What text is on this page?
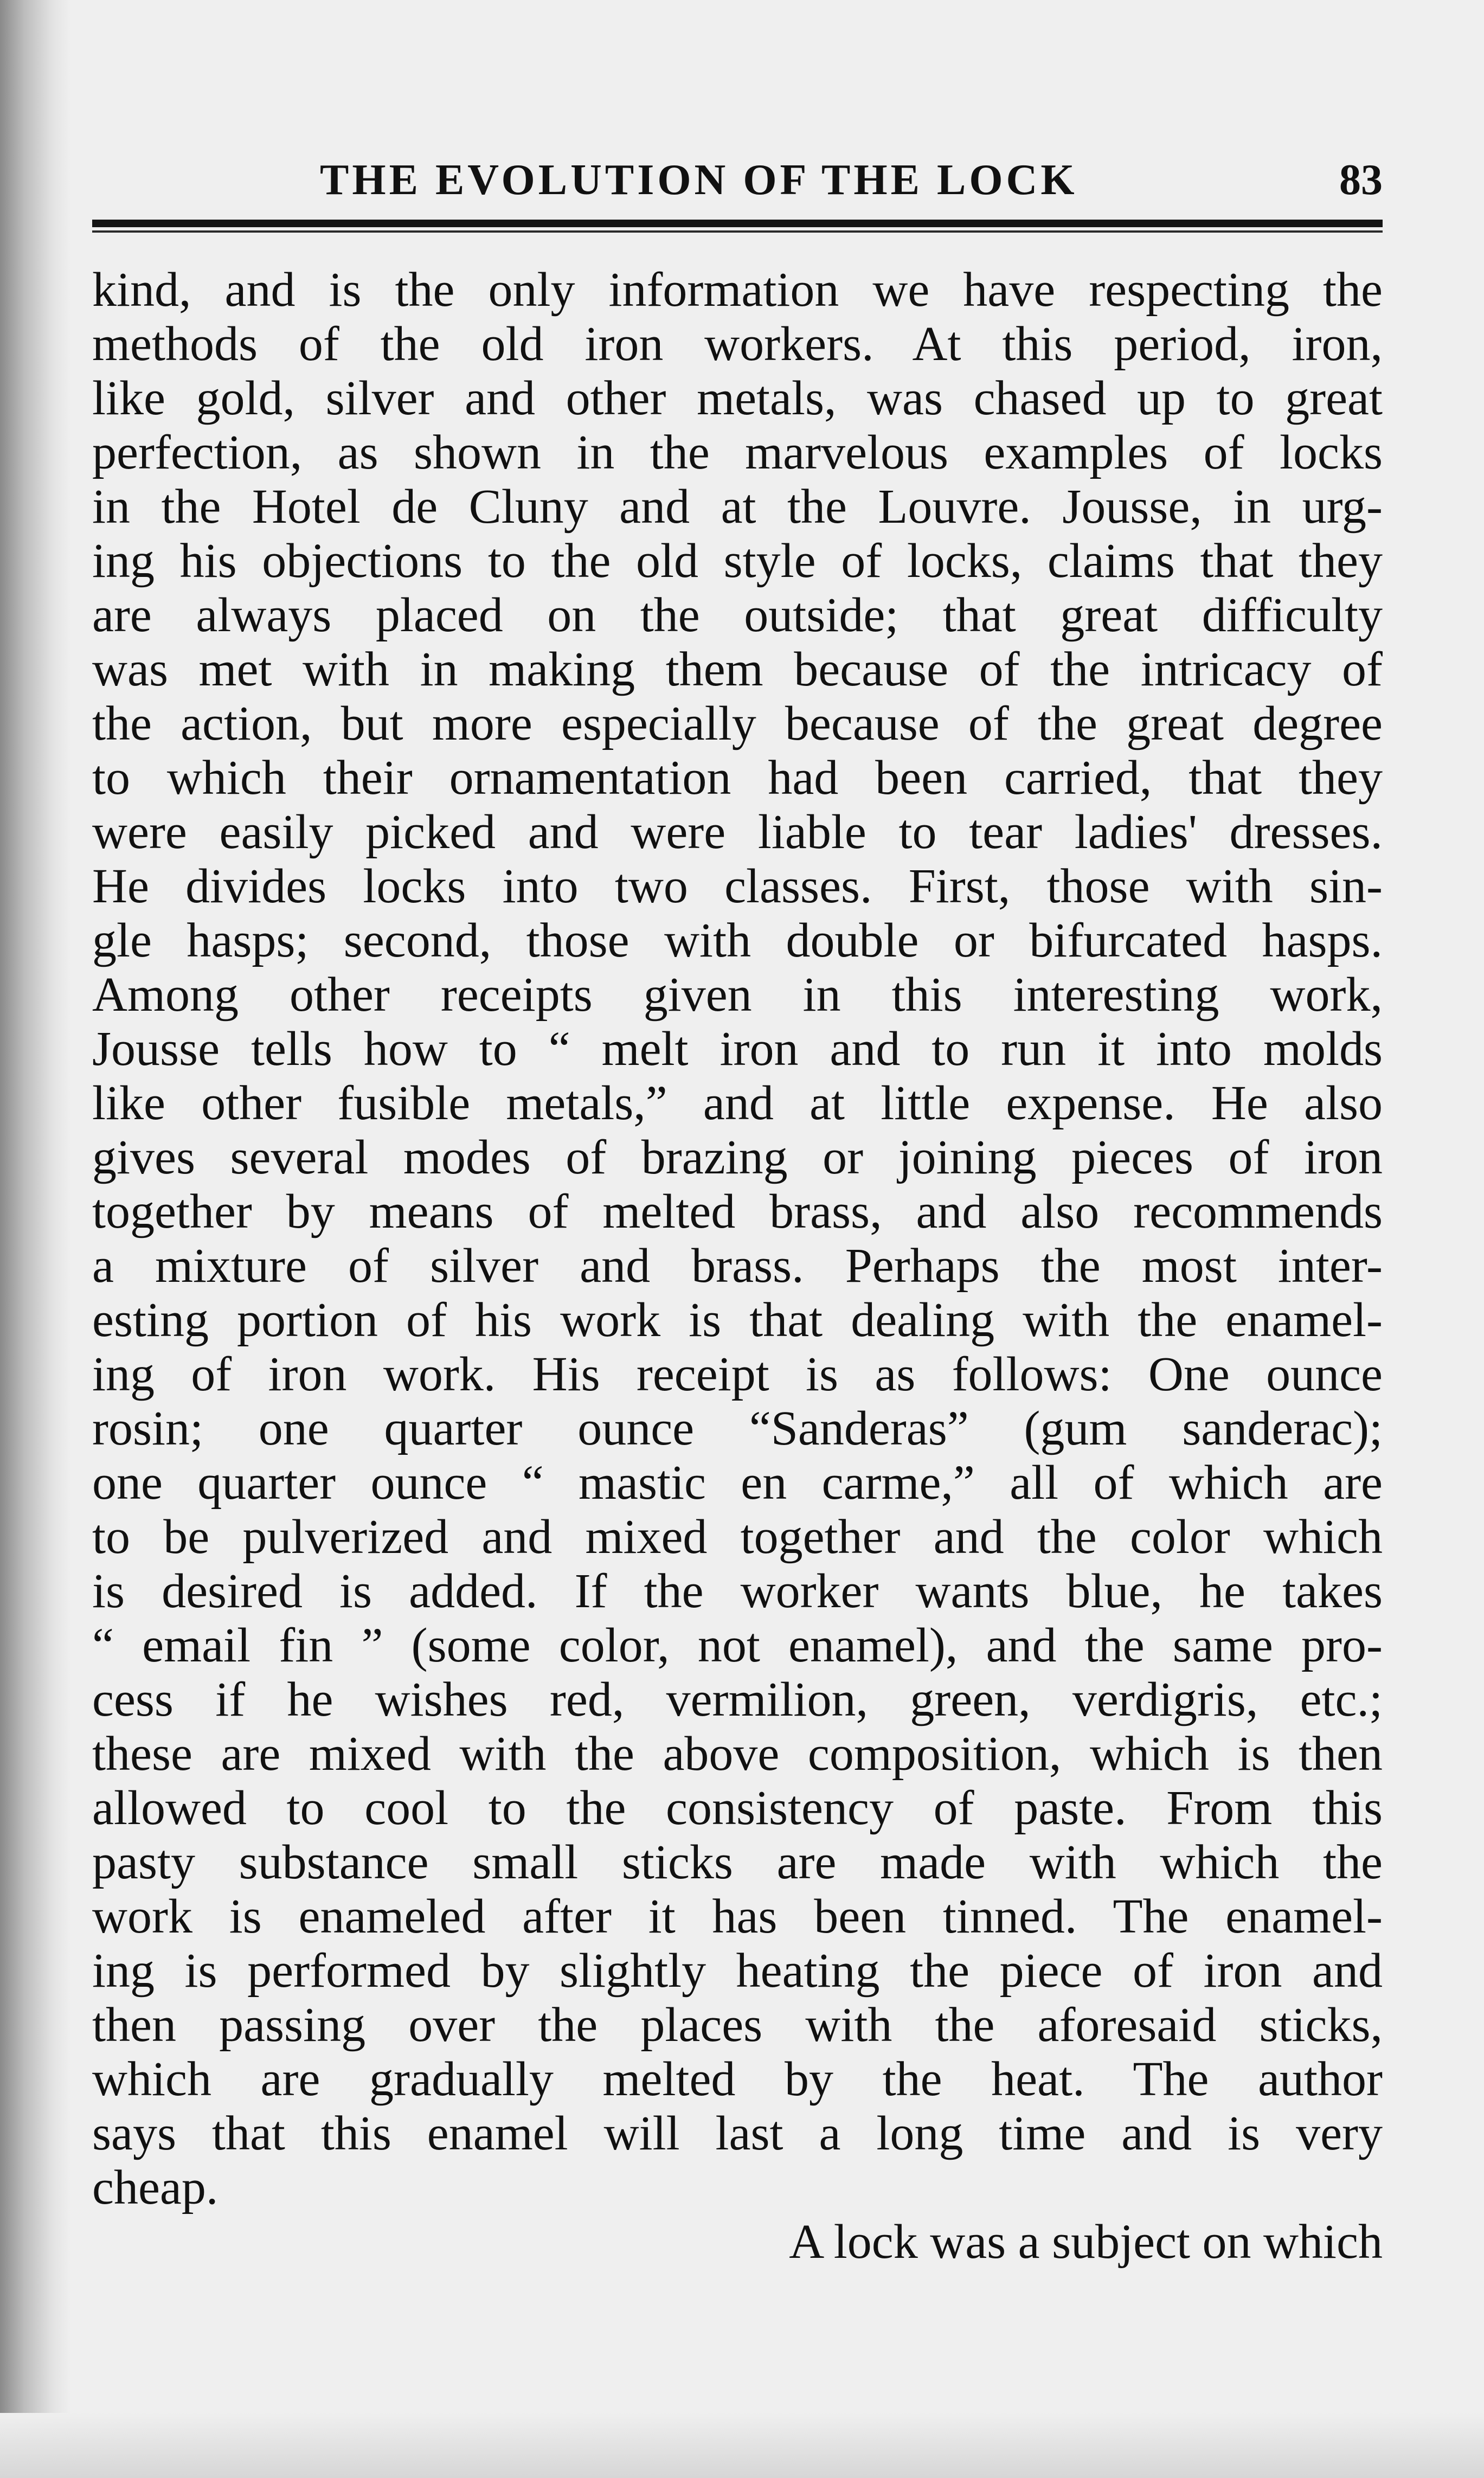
THE EVOLUTION OF THE LOCK	83
kind, and is the only information we have respecting the
methods of the old iron workers. At this period, iron,
like gold, silver and other metals, was chased up to great
perfection, as shown in the marvelous examples of locks
in the Hotel de Cluny and at the Louvre. Jousse, in urg-
ing his objections to the old style of locks, claims that they
are always placed on the outside; that great difficulty
was met with in making them because of the intricacy of
the action, but more especially because of the great degree
to which their ornamentation had been carried, that they
were easily picked and were liable to tear ladies' dresses.
He divides locks into two classes. First, those with sin-
gle hasps; second, those with double or bifurcated hasps.
Among other receipts given in this interesting work,
Jousse tells how to “ melt iron and to run it into molds
like other fusible metals,” and at little expense. He also
gives several modes of brazing or joining pieces of iron
together by means of melted brass, and also recommends
a mixture of silver and brass. Perhaps the most inter-
esting portion of his work is that dealing with the enamel-
ing of iron work. His receipt is as follows: One ounce
rosin; one quarter ounce “Sanderas” (gum sanderac);
one quarter ounce “ mastic en carme,” all of which are
to be pulverized and mixed together and the color which
is desired is added. If the worker wants blue, he takes
“ email fin ” (some color, not enamel), and the same pro-
cess if he wishes red, vermilion, green, verdigris, etc.;
these are mixed with the above composition, which is then
allowed to cool to the consistency of paste. From this
pasty substance small sticks are made with which the
work is enameled after it has been tinned. The enamel-
ing is performed by slightly heating the piece of iron and
then passing over the places with the aforesaid sticks,
which are gradually melted by the heat. The author
says that this enamel will last a long time and is very
cheap.
A lock was a subject on which
